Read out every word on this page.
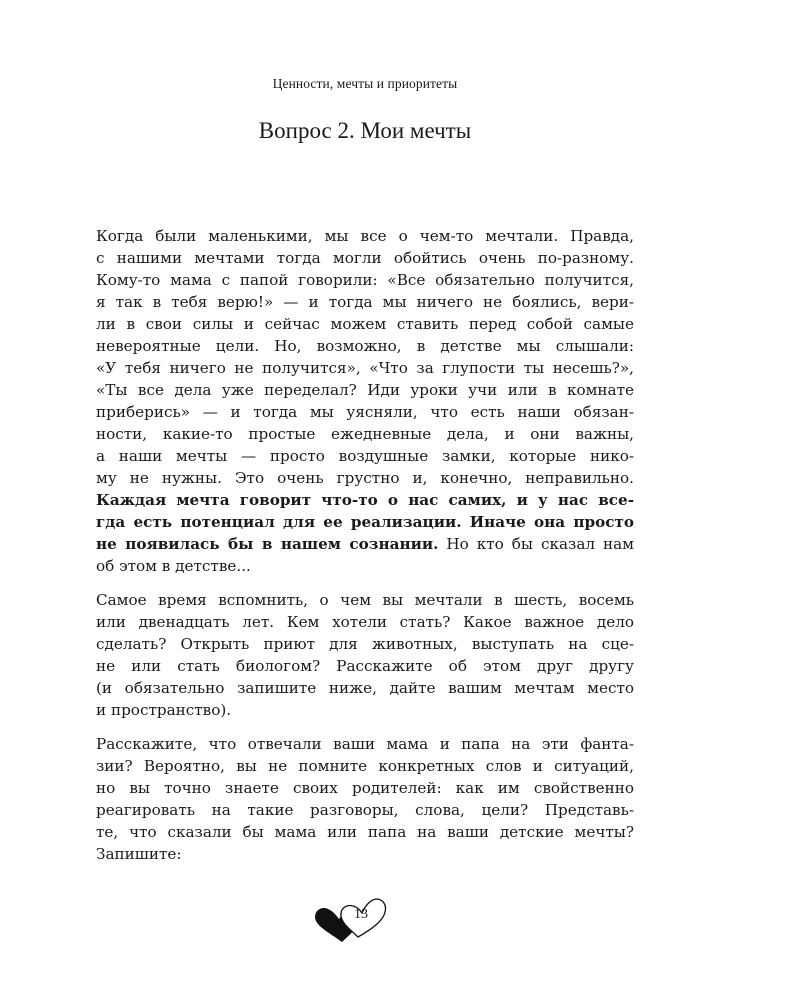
Ценности, мечты и приоритеты
Вопрос 2. Мои мечты
Когда были маленькими, мы все о чем-то мечтали. Правда,
с нашими мечтами тогда могли обойтись очень по-разному.
Кому-то мама с папой говорили: «Все обязательно получится,
я так в тебя верю!» — и тогда мы ничего не боялись, вери-
ли в свои силы и сейчас можем ставить перед собой самые
невероятные цели. Но, возможно, в детстве мы слышали:
«У тебя ничего не получится», «Что за глупости ты несешь?»,
«Ты все дела уже переделал? Иди уроки учи или в комнате
приберись» — и тогда мы уясняли, что есть наши обязан-
ности, какие-то простые ежедневные дела, и они важны,
а наши мечты — просто воздушные замки, которые нико-
му не нужны. Это очень грустно и, конечно, неправильно.
Каждая мечта говорит что-то о нас самих, и у нас все-
гда есть потенциал для ее реализации. Иначе она просто
не появилась бы в нашем сознании. Но кто бы сказал нам
об этом в детстве...
Самое время вспомнить, о чем вы мечтали в шесть, восемь
или двенадцать лет. Кем хотели стать? Какое важное дело
сделать? Открыть приют для животных, выступать на сце-
не или стать биологом? Расскажите об этом друг другу
(и обязательно запишите ниже, дайте вашим мечтам место
и пространство).
Расскажите, что отвечали ваши мама и папа на эти фанта-
зии? Вероятно, вы не помните конкретных слов и ситуаций,
но вы точно знаете своих родителей: как им свойственно
реагировать на такие разговоры, слова, цели? Представь-
те, что сказали бы мама или папа на ваши детские мечты?
Запишите:
13
